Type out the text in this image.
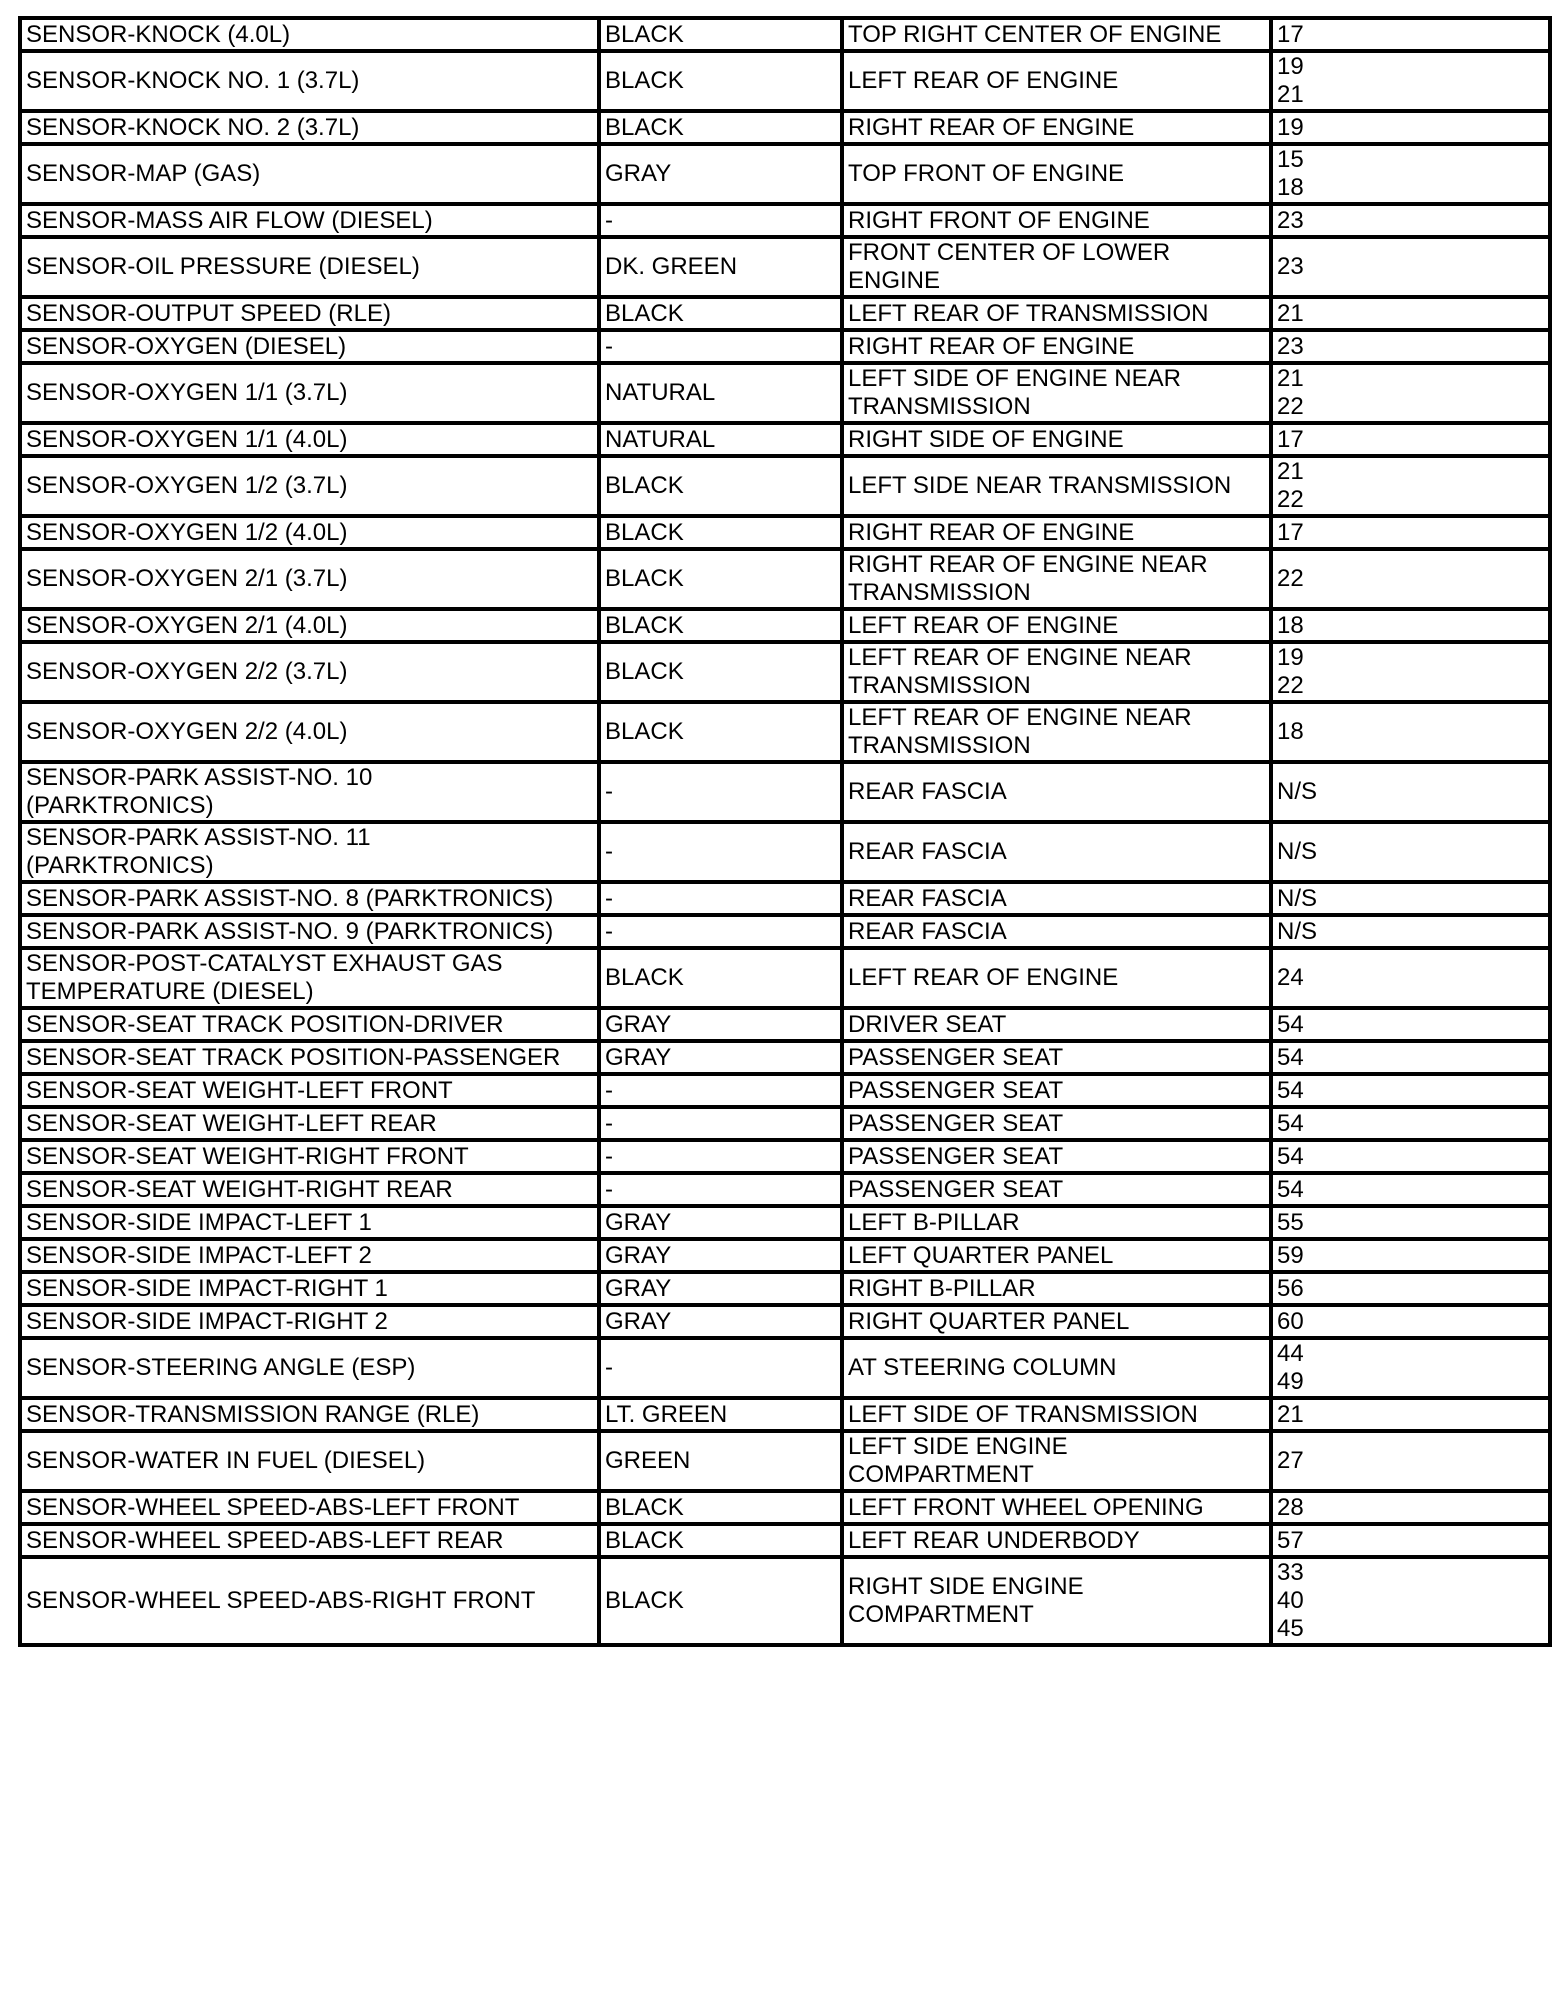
SENSOR-KNOCK (4.0L)	BLACK	TOP RIGHT CENTER OF ENGINE	17
SENSOR-KNOCK NO. 1 (3.7L)	BLACK	LEFT REAR OF ENGINE	19
21
SENSOR-KNOCK NO. 2 (3.7L)	BLACK	RIGHT REAR OF ENGINE	19
SENSOR-MAP (GAS)	GRAY	TOP FRONT OF ENGINE	15
18
SENSOR-MASS AIR FLOW (DIESEL)	-	RIGHT FRONT OF ENGINE	23
SENSOR-OIL PRESSURE (DIESEL)	DK. GREEN	FRONT CENTER OF LOWER
ENGINE	23
SENSOR-OUTPUT SPEED (RLE)	BLACK	LEFT REAR OF TRANSMISSION	21
SENSOR-OXYGEN (DIESEL)	-	RIGHT REAR OF ENGINE	23
SENSOR-OXYGEN 1/1 (3.7L)	NATURAL	LEFT SIDE OF ENGINE NEAR
TRANSMISSION	21
22
SENSOR-OXYGEN 1/1 (4.0L)	NATURAL	RIGHT SIDE OF ENGINE	17
SENSOR-OXYGEN 1/2 (3.7L)	BLACK	LEFT SIDE NEAR TRANSMISSION	21
22
SENSOR-OXYGEN 1/2 (4.0L)	BLACK	RIGHT REAR OF ENGINE	17
SENSOR-OXYGEN 2/1 (3.7L)	BLACK	RIGHT REAR OF ENGINE NEAR
TRANSMISSION	22
SENSOR-OXYGEN 2/1 (4.0L)	BLACK	LEFT REAR OF ENGINE	18
SENSOR-OXYGEN 2/2 (3.7L)	BLACK	LEFT REAR OF ENGINE NEAR
TRANSMISSION	19
22
SENSOR-OXYGEN 2/2 (4.0L)	BLACK	LEFT REAR OF ENGINE NEAR
TRANSMISSION	18
SENSOR-PARK ASSIST-NO. 10
(PARKTRONICS)	-	REAR FASCIA	N/S
SENSOR-PARK ASSIST-NO. 11
(PARKTRONICS)	-	REAR FASCIA	N/S
SENSOR-PARK ASSIST-NO. 8 (PARKTRONICS)	-	REAR FASCIA	N/S
SENSOR-PARK ASSIST-NO. 9 (PARKTRONICS)	-	REAR FASCIA	N/S
SENSOR-POST-CATALYST EXHAUST GAS
TEMPERATURE (DIESEL)	BLACK	LEFT REAR OF ENGINE	24
SENSOR-SEAT TRACK POSITION-DRIVER	GRAY	DRIVER SEAT	54
SENSOR-SEAT TRACK POSITION-PASSENGER	GRAY	PASSENGER SEAT	54
SENSOR-SEAT WEIGHT-LEFT FRONT	-	PASSENGER SEAT	54
SENSOR-SEAT WEIGHT-LEFT REAR	-	PASSENGER SEAT	54
SENSOR-SEAT WEIGHT-RIGHT FRONT	-	PASSENGER SEAT	54
SENSOR-SEAT WEIGHT-RIGHT REAR	-	PASSENGER SEAT	54
SENSOR-SIDE IMPACT-LEFT 1	GRAY	LEFT B-PILLAR	55
SENSOR-SIDE IMPACT-LEFT 2	GRAY	LEFT QUARTER PANEL	59
SENSOR-SIDE IMPACT-RIGHT 1	GRAY	RIGHT B-PILLAR	56
SENSOR-SIDE IMPACT-RIGHT 2	GRAY	RIGHT QUARTER PANEL	60
SENSOR-STEERING ANGLE (ESP)	-	AT STEERING COLUMN	44
49
SENSOR-TRANSMISSION RANGE (RLE)	LT. GREEN	LEFT SIDE OF TRANSMISSION	21
SENSOR-WATER IN FUEL (DIESEL)	GREEN	LEFT SIDE ENGINE
COMPARTMENT	27
SENSOR-WHEEL SPEED-ABS-LEFT FRONT	BLACK	LEFT FRONT WHEEL OPENING	28
SENSOR-WHEEL SPEED-ABS-LEFT REAR	BLACK	LEFT REAR UNDERBODY	57
SENSOR-WHEEL SPEED-ABS-RIGHT FRONT	BLACK	RIGHT SIDE ENGINE
COMPARTMENT	33
40
45
